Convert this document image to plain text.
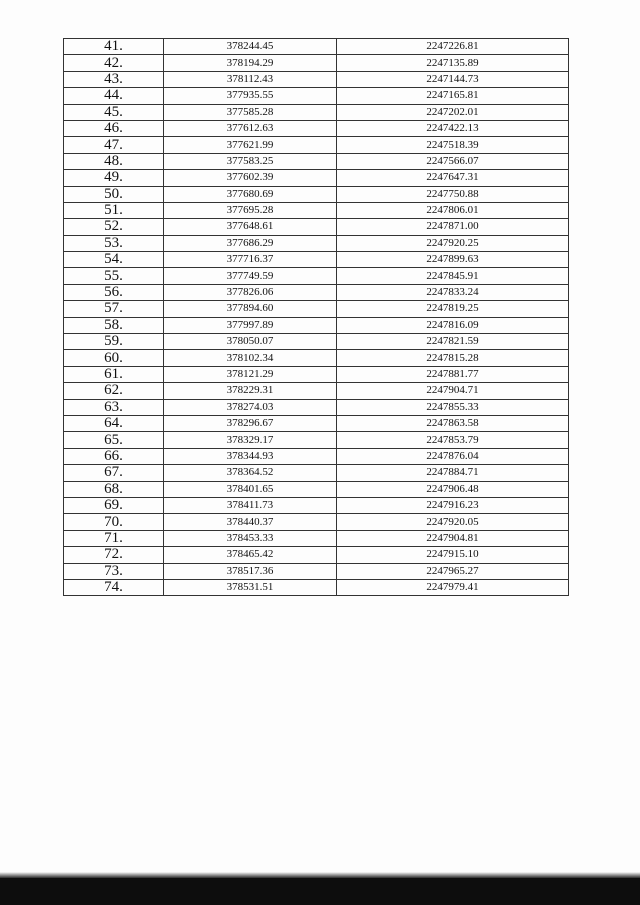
41.	378244.45	2247226.81
42.	378194.29	2247135.89
43.	378112.43	2247144.73
44.	377935.55	2247165.81
45.	377585.28	2247202.01
46.	377612.63	2247422.13
47.	377621.99	2247518.39
48.	377583.25	2247566.07
49.	377602.39	2247647.31
50.	377680.69	2247750.88
51.	377695.28	2247806.01
52.	377648.61	2247871.00
53.	377686.29	2247920.25
54.	377716.37	2247899.63
55.	377749.59	2247845.91
56.	377826.06	2247833.24
57.	377894.60	2247819.25
58.	377997.89	2247816.09
59.	378050.07	2247821.59
60.	378102.34	2247815.28
61.	378121.29	2247881.77
62.	378229.31	2247904.71
63.	378274.03	2247855.33
64.	378296.67	2247863.58
65.	378329.17	2247853.79
66.	378344.93	2247876.04
67.	378364.52	2247884.71
68.	378401.65	2247906.48
69.	378411.73	2247916.23
70.	378440.37	2247920.05
71.	378453.33	2247904.81
72.	378465.42	2247915.10
73.	378517.36	2247965.27
74.	378531.51	2247979.41
